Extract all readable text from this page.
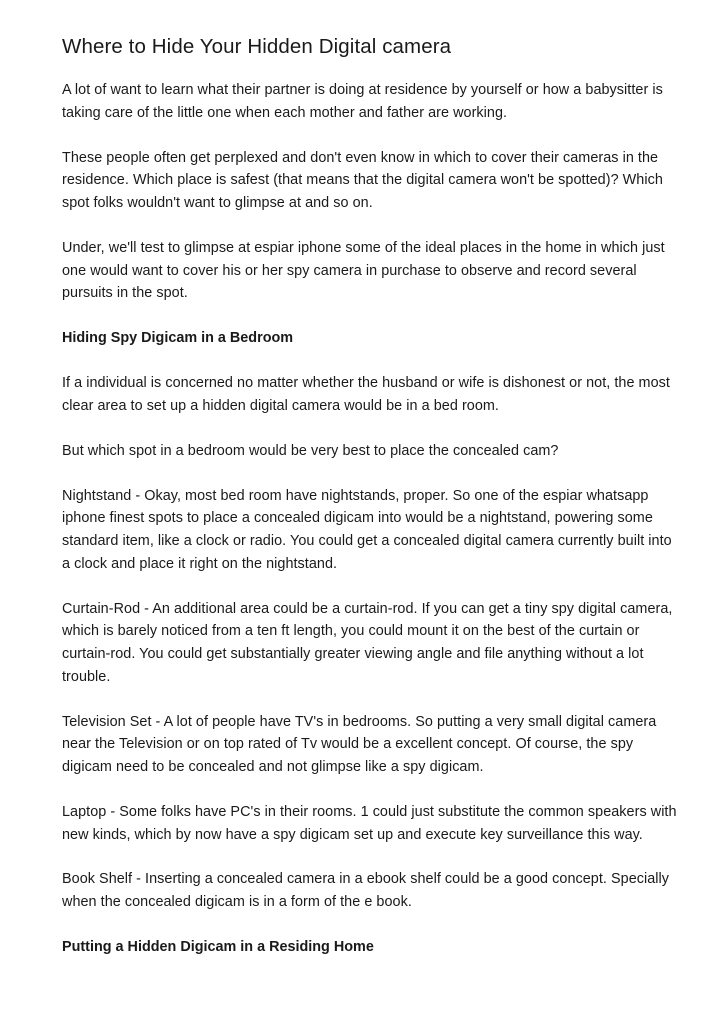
Where to Hide Your Hidden Digital camera

A lot of want to learn what their partner is doing at residence by yourself or how a babysitter is taking care of the little one when each mother and father are working.

These people often get perplexed and don't even know in which to cover their cameras in the residence. Which place is safest (that means that the digital camera won't be spotted)? Which spot folks wouldn't want to glimpse at and so on.

Under, we'll test to glimpse at espiar iphone some of the ideal places in the home in which just one would want to cover his or her spy camera in purchase to observe and record several pursuits in the spot.

Hiding Spy Digicam in a Bedroom

If a individual is concerned no matter whether the husband or wife is dishonest or not, the most clear area to set up a hidden digital camera would be in a bed room.

But which spot in a bedroom would be very best to place the concealed cam?

Nightstand - Okay, most bed room have nightstands, proper. So one of the espiar whatsapp iphone finest spots to place a concealed digicam into would be a nightstand, powering some standard item, like a clock or radio. You could get a concealed digital camera currently built into a clock and place it right on the nightstand.

Curtain-Rod - An additional area could be a curtain-rod. If you can get a tiny spy digital camera, which is barely noticed from a ten ft length, you could mount it on the best of the curtain or curtain-rod. You could get substantially greater viewing angle and file anything without a lot trouble.

Television Set - A lot of people have TV's in bedrooms. So putting a very small digital camera near the Television or on top rated of Tv would be a excellent concept. Of course, the spy digicam need to be concealed and not glimpse like a spy digicam.

Laptop - Some folks have PC's in their rooms. 1 could just substitute the common speakers with new kinds, which by now have a spy digicam set up and execute key surveillance this way.

Book Shelf - Inserting a concealed camera in a ebook shelf could be a good concept. Specially when the concealed digicam is in a form of the e book.

Putting a Hidden Digicam in a Residing Home
